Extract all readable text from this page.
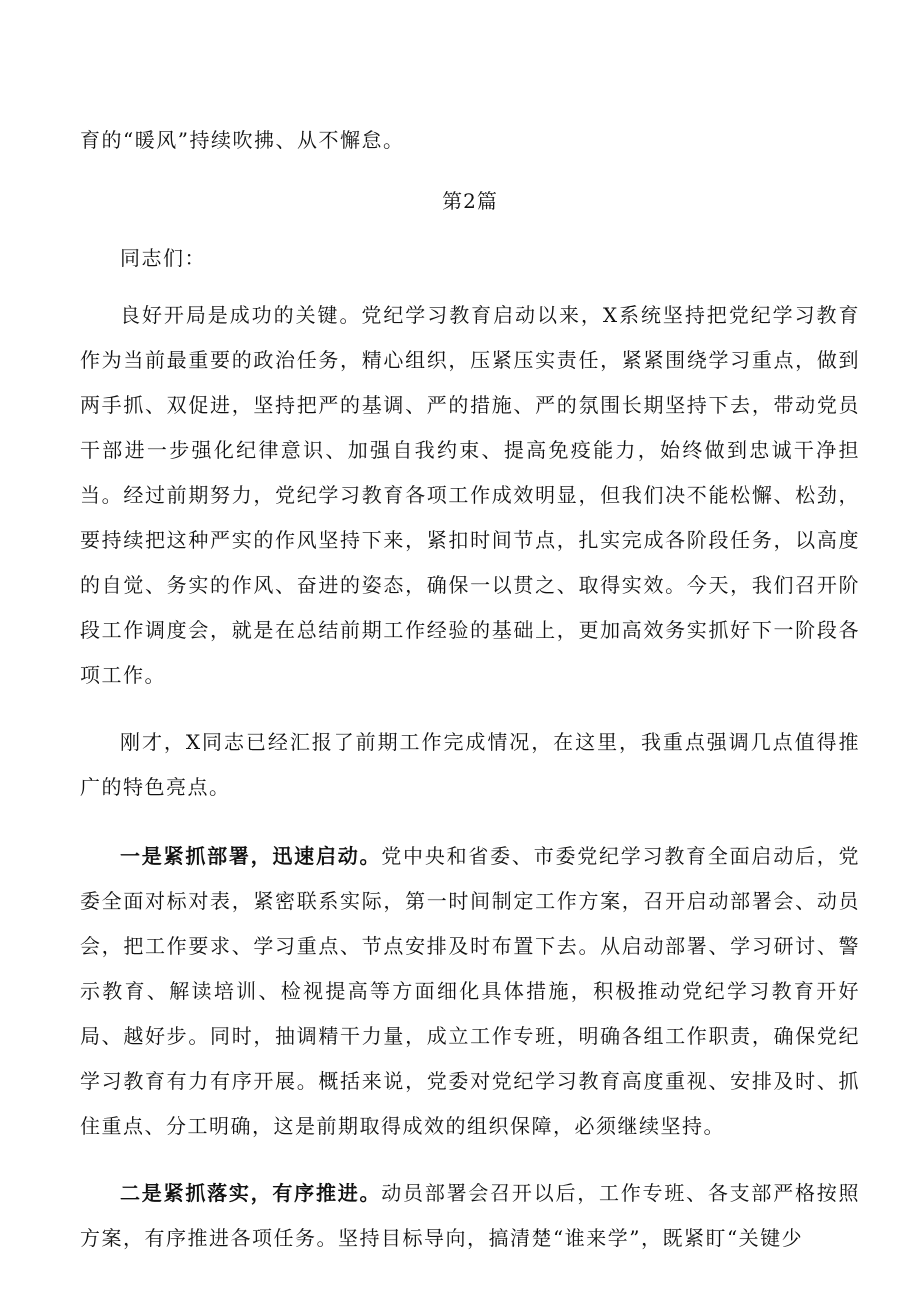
育的“暖风”持续吹拂、从不懈怠。

第2篇

同志们：

良好开局是成功的关键。党纪学习教育启动以来，X系统坚持把党纪学习教育作为当前最重要的政治任务，精心组织，压紧压实责任，紧紧围绕学习重点，做到两手抓、双促进，坚持把严的基调、严的措施、严的氛围长期坚持下去，带动党员干部进一步强化纪律意识、加强自我约束、提高免疫能力，始终做到忠诚干净担当。经过前期努力，党纪学习教育各项工作成效明显，但我们决不能松懈、松劲，要持续把这种严实的作风坚持下来，紧扣时间节点，扎实完成各阶段任务，以高度的自觉、务实的作风、奋进的姿态，确保一以贯之、取得实效。今天，我们召开阶段工作调度会，就是在总结前期工作经验的基础上，更加高效务实抓好下一阶段各项工作。

刚才，X同志已经汇报了前期工作完成情况，在这里，我重点强调几点值得推广的特色亮点。

一是紧抓部署，迅速启动。党中央和省委、市委党纪学习教育全面启动后，党委全面对标对表，紧密联系实际，第一时间制定工作方案，召开启动部署会、动员会，把工作要求、学习重点、节点安排及时布置下去。从启动部署、学习研讨、警示教育、解读培训、检视提高等方面细化具体措施，积极推动党纪学习教育开好局、越好步。同时，抽调精干力量，成立工作专班，明确各组工作职责，确保党纪学习教育有力有序开展。概括来说，党委对党纪学习教育高度重视、安排及时、抓住重点、分工明确，这是前期取得成效的组织保障，必须继续坚持。

二是紧抓落实，有序推进。动员部署会召开以后，工作专班、各支部严格按照方案，有序推进各项任务。坚持目标导向，搞清楚“谁来学”，既紧盯“关键少
